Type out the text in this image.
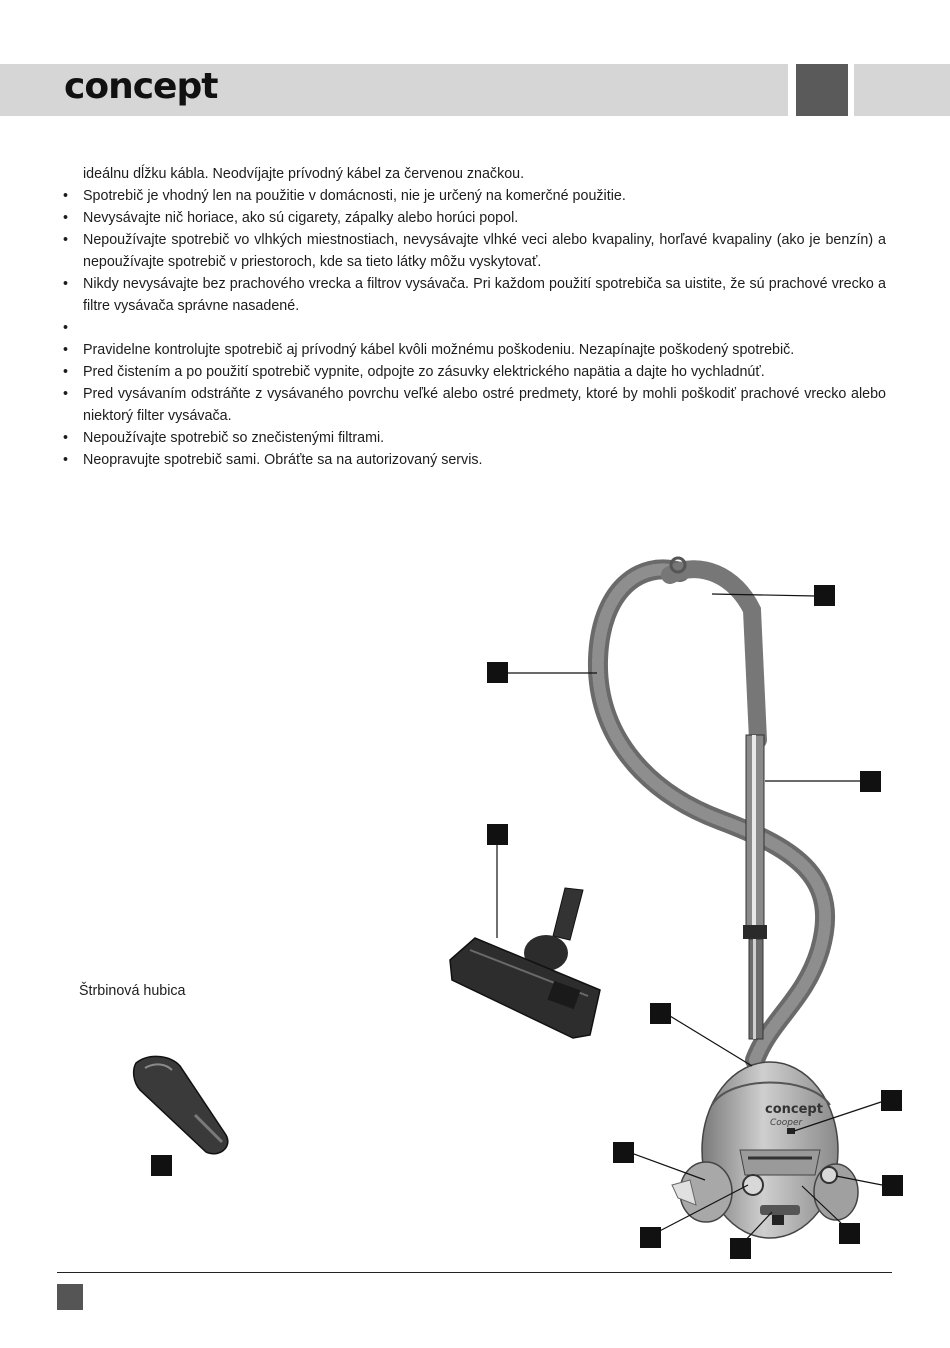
concept
ideálnu dĺžku kábla. Neodvíjajte prívodný kábel za červenou značkou.
• Spotrebič je vhodný len na použitie v domácnosti, nie je určený na komerčné použitie.
• Nevysávajte nič horiace, ako sú cigarety, zápalky alebo horúci popol.
• Nepoužívajte spotrebič vo vlhkých miestnostiach, nevysávajte vlhké veci alebo kvapaliny, horľavé kvapaliny (ako je benzín) a nepoužívajte spotrebič v priestoroch, kde sa tieto látky môžu vyskytovať.
• Nikdy nevysávajte bez prachového vrecka a filtrov vysávača. Pri každom použití spotrebiča sa uistite, že sú prachové vrecko a filtre vysávača správne nasadené.
•
• Pravidelne kontrolujte spotrebič aj prívodný kábel kvôli možnému poškodeniu. Nezapínajte poškodený spotrebič.
• Pred čistením a po použití spotrebič vypnite, odpojte zo zásuvky elektrického napätia a dajte ho vychladnúť.
• Pred vysávaním odstráňte z vysávaného povrchu veľké alebo ostré predmety, ktoré by mohli poškodiť prachové vrecko alebo niektorý filter vysávača.
• Nepoužívajte spotrebič so znečistenými filtrami.
• Neopravujte spotrebič sami. Obráťte sa na autorizovaný servis.
concept
Cooper
Štrbinová hubica
